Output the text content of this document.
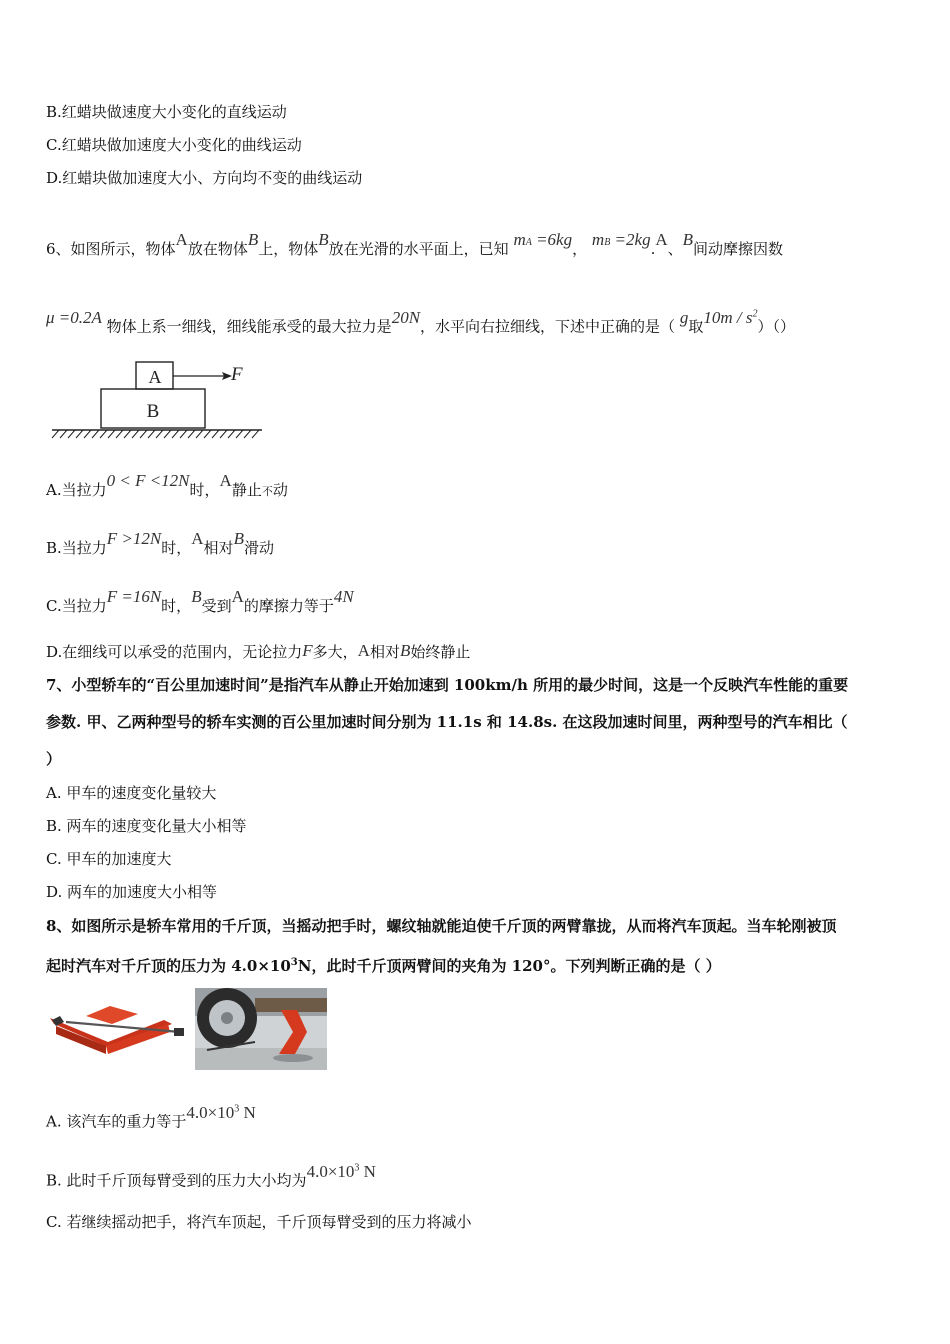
B.红蜡块做速度大小变化的直线运动
C.红蜡块做加速度大小变化的曲线运动
D.红蜡块做加速度大小、方向均不变的曲线运动
6、如图所示，物体A放在物体B上，物体B放在光滑的水平面上，已知 mA =6kg， mB =2kg.A、B间动摩擦因数
μ =0.2A 物体上系一细线，细线能承受的最大拉力是20N，水平向右拉细线，下述中正确的是（ g取$10m / s^2)()$
A
B
F
A.当拉力0 < F <12N时，A静止不动
B.当拉力F >12N时，A相对B滑动
C.当拉力F =16N时，B受到A的摩擦力等于4N
D.在细线可以承受的范围内，无论拉力F多大，A相对B始终静止
7、小型轿车的“百公里加速时间”是指汽车从静止开始加速到 100km/h 所用的最少时间，这是一个反映汽车性能的重要
参数. 甲、乙两种型号的轿车实测的百公里加速时间分别为 11.1s 和 14.8s. 在这段加速时间里，两种型号的汽车相比（
）
A. 甲车的速度变化量较大
B. 两车的速度变化量大小相等
C. 甲车的加速度大
D. 两车的加速度大小相等
8、如图所示是轿车常用的千斤顶，当摇动把手时，螺纹轴就能迫使千斤顶的两臂靠拢，从而将汽车顶起。当车轮刚被顶
起时汽车对千斤顶的压力为 $4.0\times 10^3N$，此时千斤顶两臂间的夹角为 120°。下列判断正确的是（ ）
A. 该汽车的重力等于$4.0\times 10^3$ N
B. 此时千斤顶每臂受到的压力大小均为$4.0\times 10^3$ N
C. 若继续摇动把手，将汽车顶起，千斤顶每臂受到的压力将减小
